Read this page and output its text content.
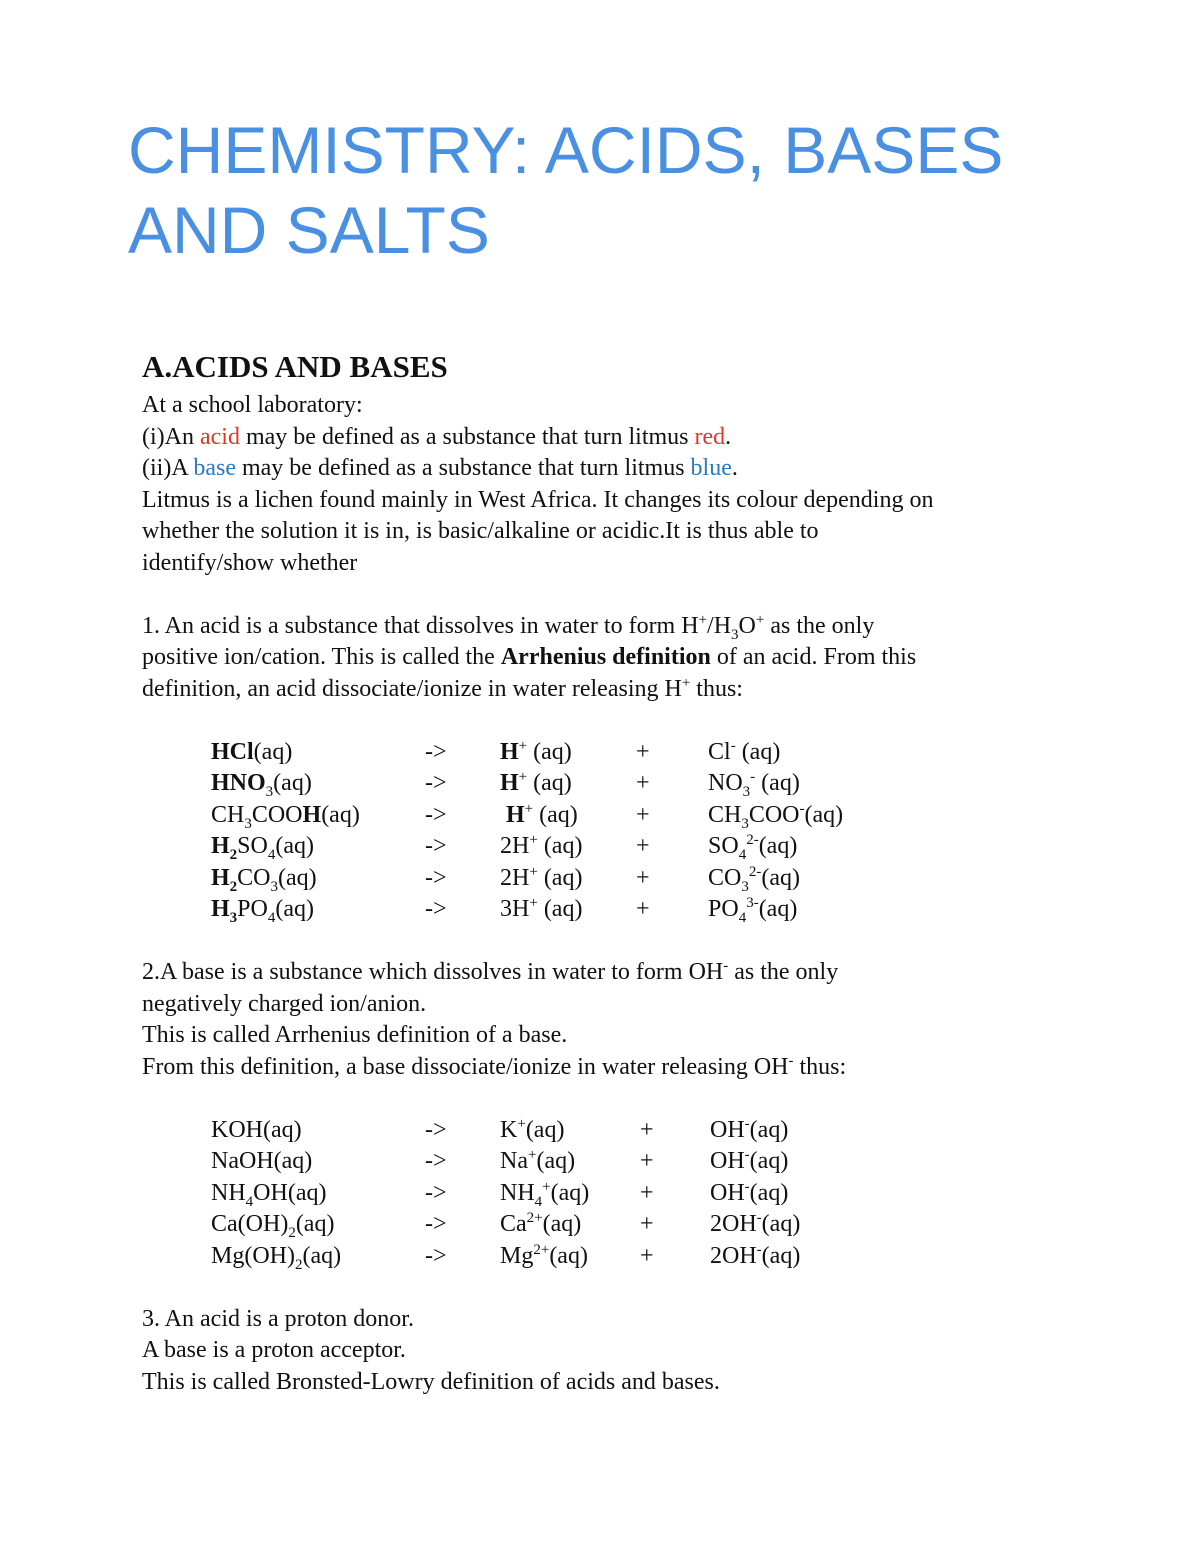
CHEMISTRY: ACIDS, BASES AND SALTS
A.ACIDS AND BASES
At a school laboratory:
(i)An acid may be defined as a substance that turn litmus red.
(ii)A base may be defined as a substance that turn litmus blue.
Litmus is a lichen found mainly in West Africa. It changes its colour depending on
whether the solution it is in, is basic/alkaline or acidic.It is thus able to
identify/show whether
1. An acid is a substance that dissolves in water to form $H^+/H_3O^+$ as the only
positive ion/cation. This is called the Arrhenius definition of an acid. From this
definition, an acid dissociate/ionize in water releasing H+ thus:
HCl(aq)	->	H+ (aq)	+	Cl- (aq)
$HNO_3(aq)$	->	H+ (aq)	+	$NO_3^-$ (aq)
$CH_3COOH(aq)$	->	H+ (aq)	+	$CH_3COO^-(aq)$
$H_2SO_4(aq)$	->	2H+ (aq)	+	$SO_4^{2-}(aq)$
$H_2CO_3(aq)$	->	2H+ (aq)	+	$CO_3^{2-}(aq)$
$H_3PO_4(aq)$	->	3H+ (aq)	+	$PO_4^{3-}(aq)$
2.A base is a substance which dissolves in water to form OH- as the only
negatively charged ion/anion.
This is called Arrhenius definition of a base.
From this definition, a base dissociate/ionize in water releasing OH- thus:
KOH(aq)	->	K+(aq)	+	OH-(aq)
NaOH(aq)	->	Na+(aq)	+	OH-(aq)
$NH_4OH(aq)$	->	$NH_4^+(aq)$	+	OH-(aq)
$Ca(OH)_2(aq)$	->	$Ca^{2+}(aq)$	+	2OH-(aq)
$Mg(OH)_2(aq)$	->	$Mg^{2+}(aq)$	+	2OH-(aq)
3. An acid is a proton donor.
A base is a proton acceptor.
This is called Bronsted-Lowry definition of acids and bases.
